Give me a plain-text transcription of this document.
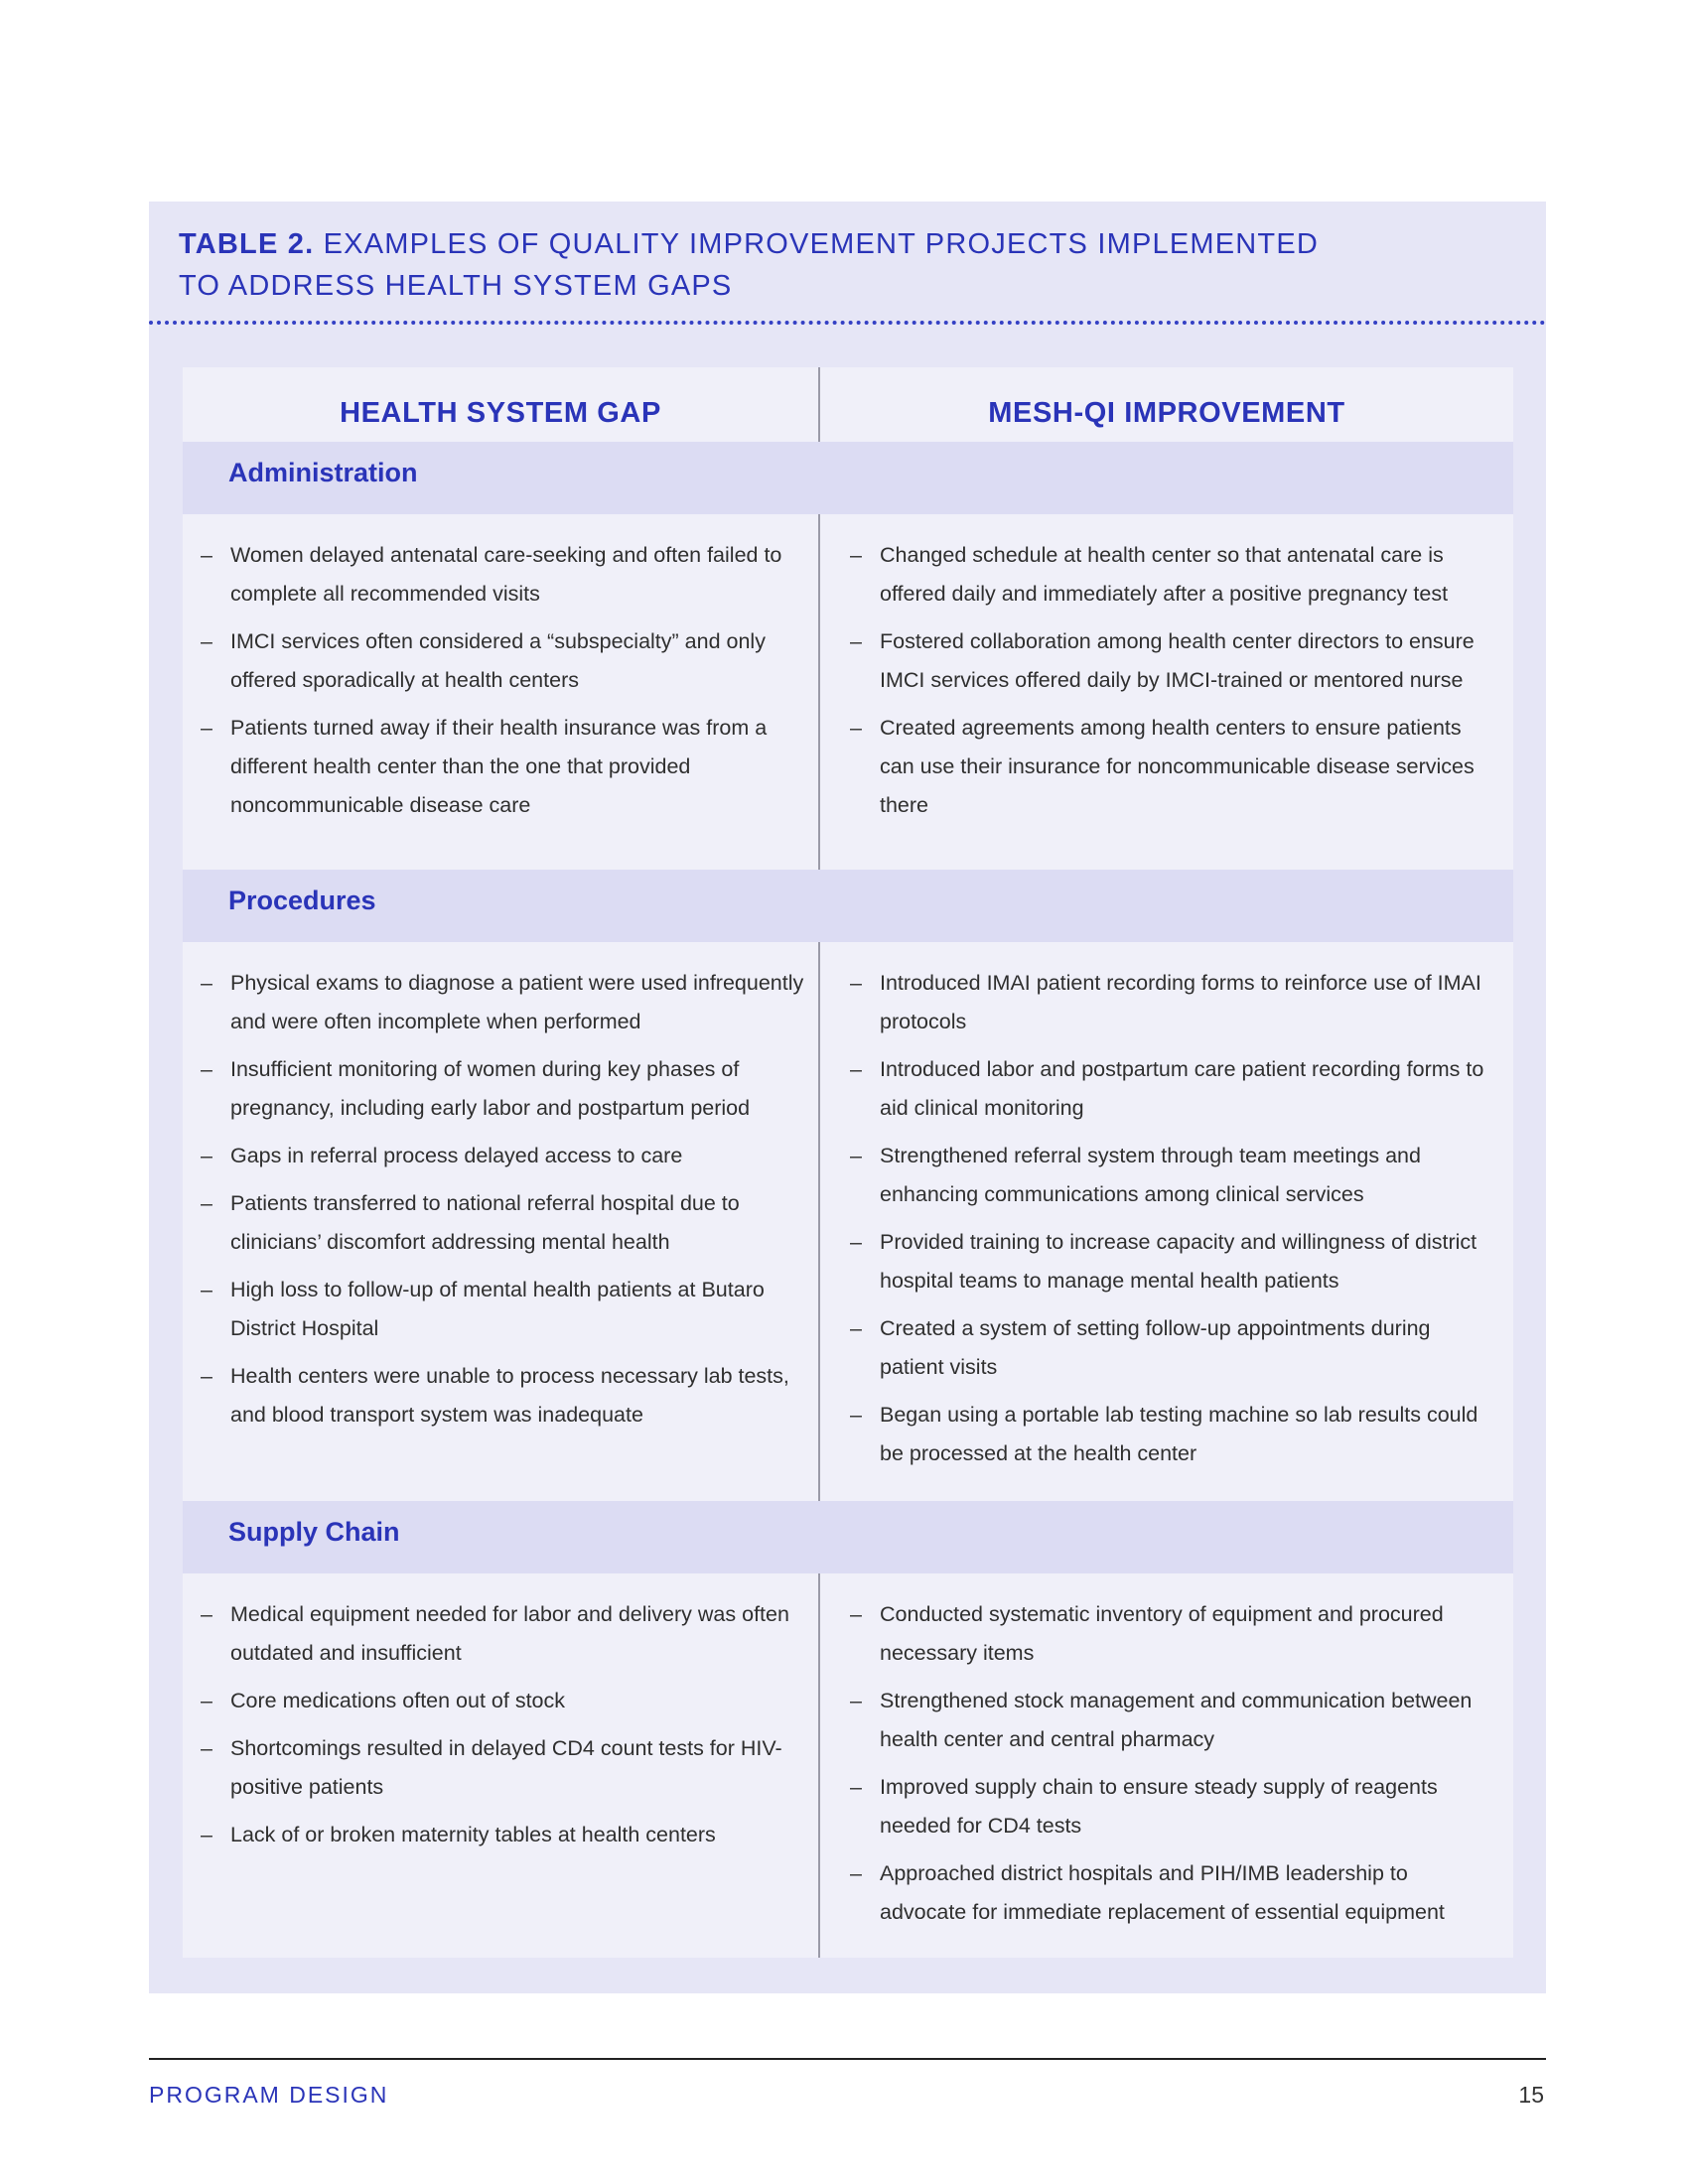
TABLE 2. EXAMPLES OF QUALITY IMPROVEMENT PROJECTS IMPLEMENTED
TO ADDRESS HEALTH SYSTEM GAPS
HEALTH SYSTEM GAP	MESH-QI IMPROVEMENT
Administration
– Women delayed antenatal care-seeking and often failed to complete all recommended visits
– IMCI services often considered a “subspecialty” and only offered sporadically at health centers
– Patients turned away if their health insurance was from a different health center than the one that provided noncommunicable disease care
– Changed schedule at health center so that antenatal care is offered daily and immediately after a positive pregnancy test
– Fostered collaboration among health center directors to ensure IMCI services offered daily by IMCI-trained or mentored nurse
– Created agreements among health centers to ensure patients can use their insurance for noncommunicable disease services there
Procedures
– Physical exams to diagnose a patient were used infrequently and were often incomplete when performed
– Insufficient monitoring of women during key phases of pregnancy, including early labor and postpartum period
– Gaps in referral process delayed access to care
– Patients transferred to national referral hospital due to clinicians’ discomfort addressing mental health
– High loss to follow-up of mental health patients at Butaro District Hospital
– Health centers were unable to process necessary lab tests, and blood transport system was inadequate
– Introduced IMAI patient recording forms to reinforce use of IMAI protocols
– Introduced labor and postpartum care patient recording forms to aid clinical monitoring
– Strengthened referral system through team meetings and enhancing communications among clinical services
– Provided training to increase capacity and willingness of district hospital teams to manage mental health patients
– Created a system of setting follow-up appointments during patient visits
– Began using a portable lab testing machine so lab results could be processed at the health center
Supply Chain
– Medical equipment needed for labor and delivery was often outdated and insufficient
– Core medications often out of stock
– Shortcomings resulted in delayed CD4 count tests for HIV-positive patients
– Lack of or broken maternity tables at health centers
– Conducted systematic inventory of equipment and procured necessary items
– Strengthened stock management and communication between health center and central pharmacy
– Improved supply chain to ensure steady supply of reagents needed for CD4 tests
– Approached district hospitals and PIH/IMB leadership to advocate for immediate replacement of essential equipment
PROGRAM DESIGN	15
